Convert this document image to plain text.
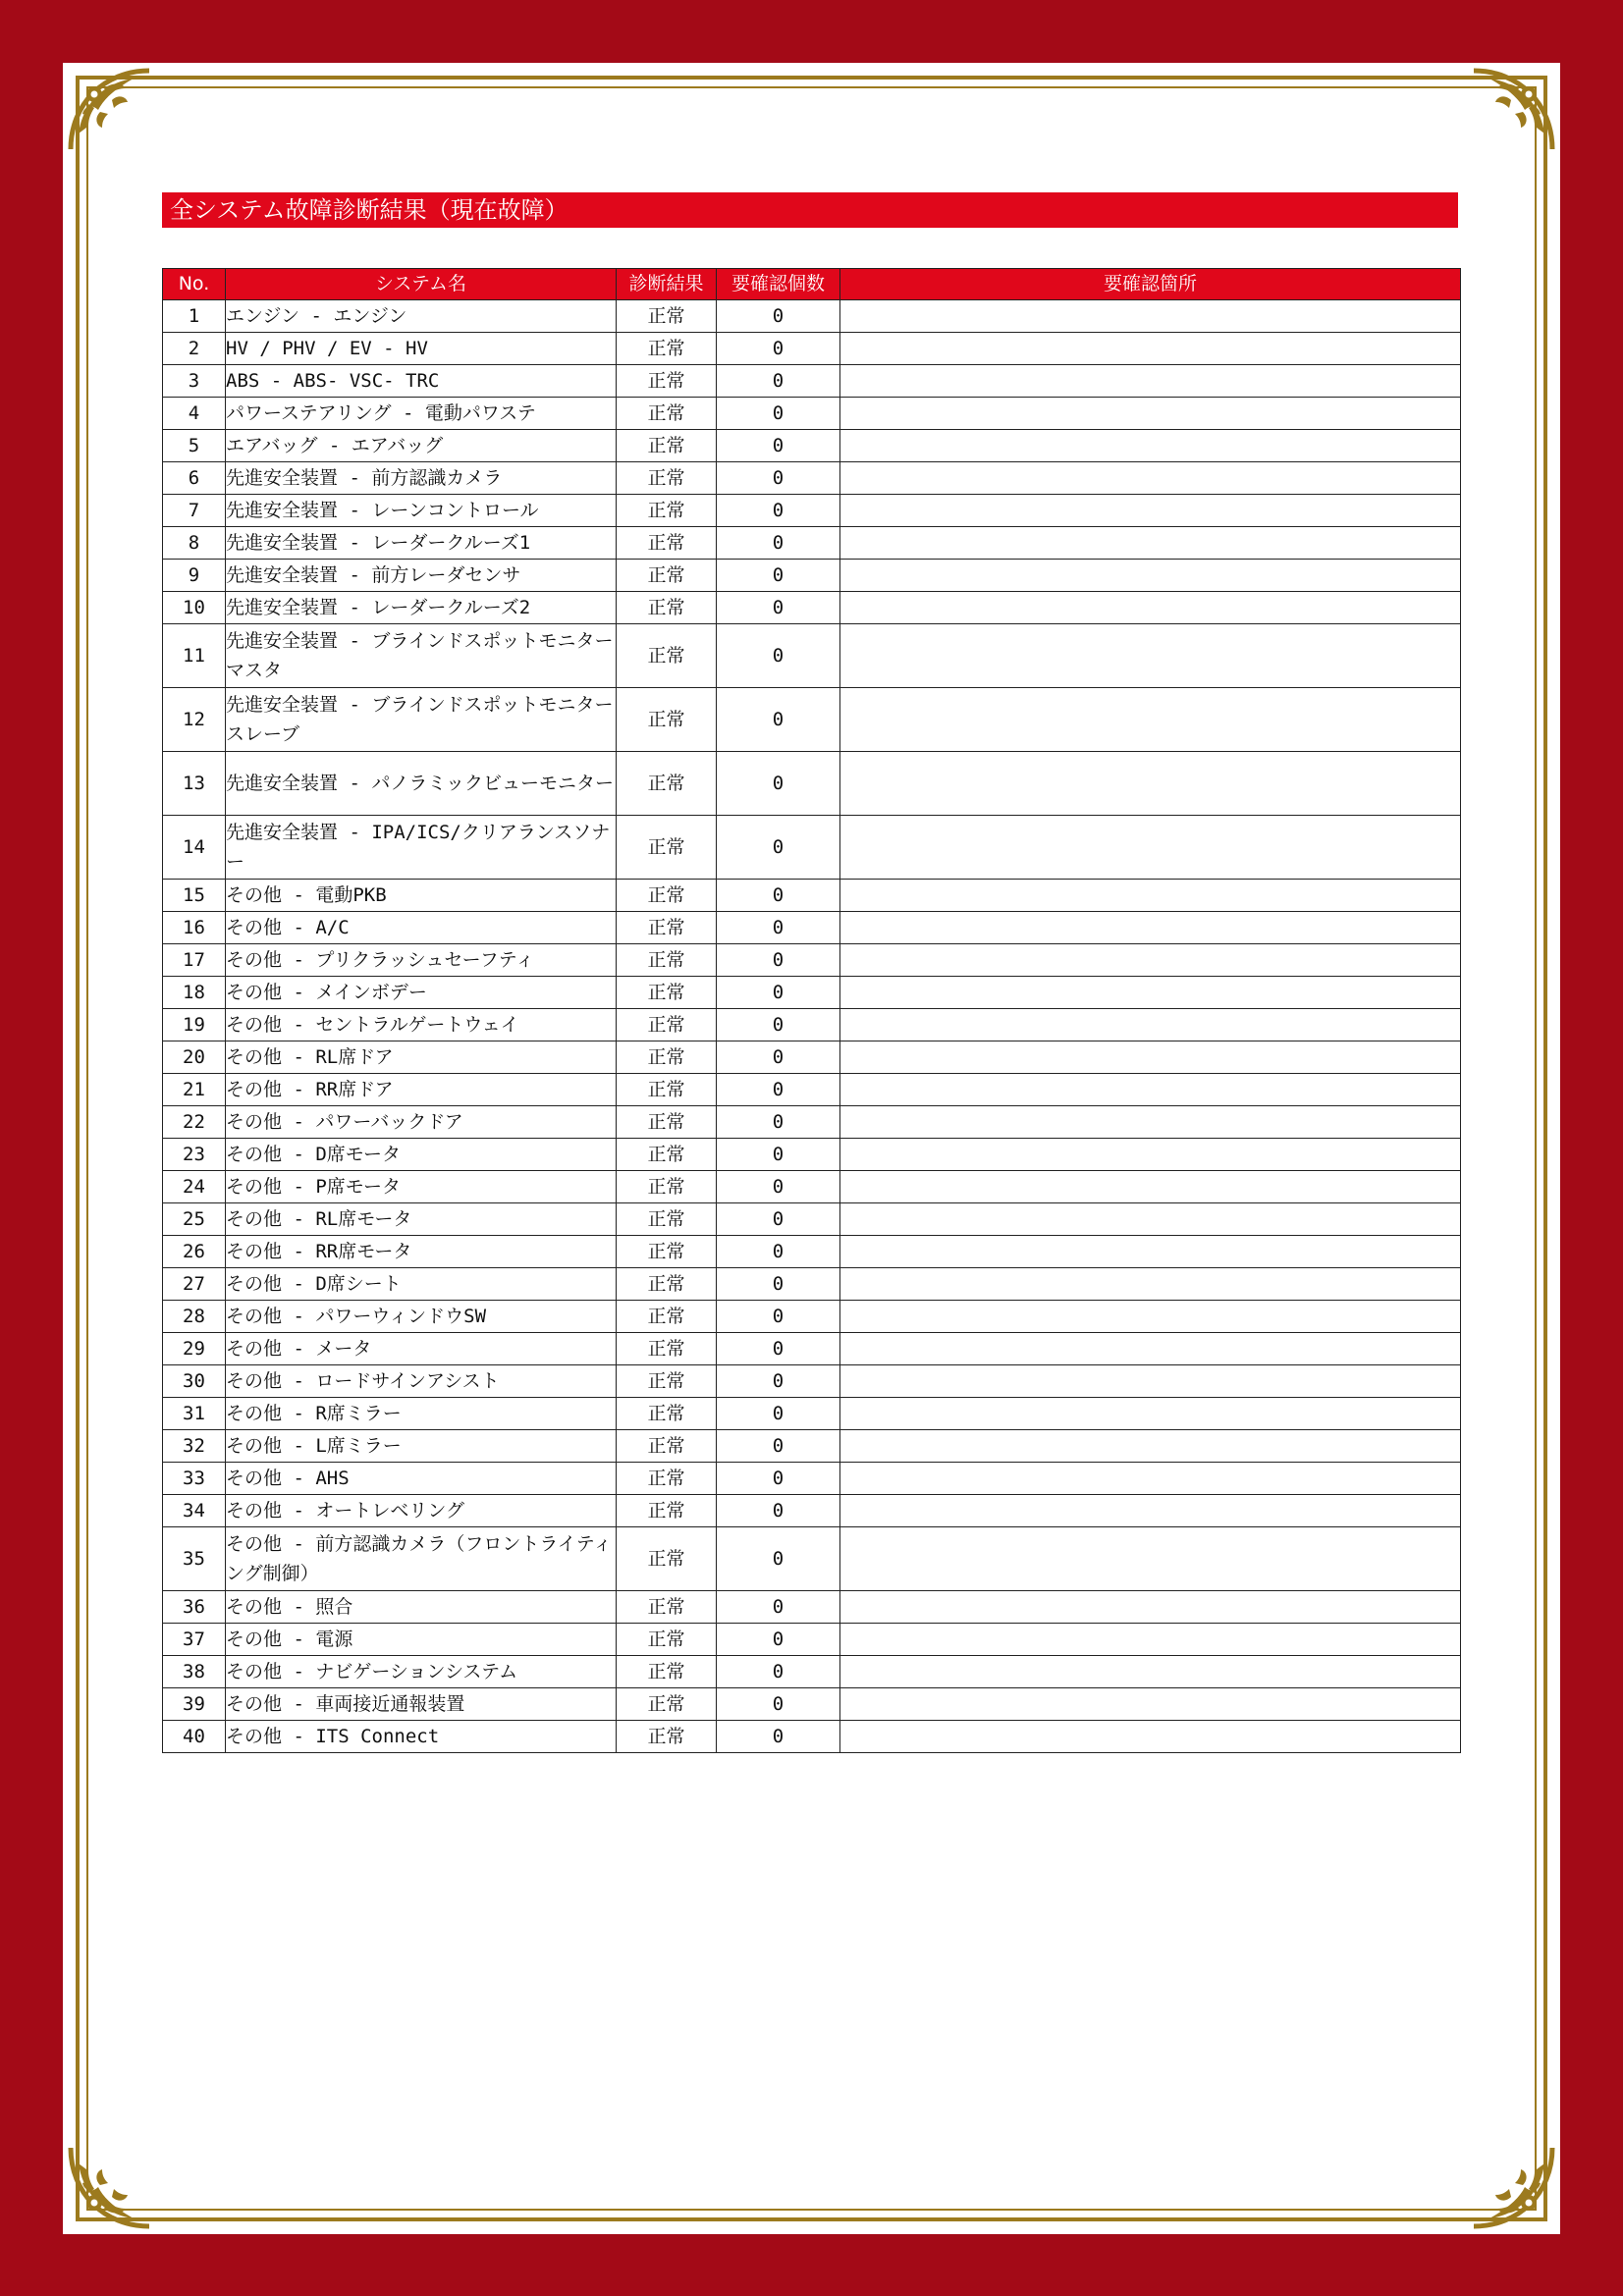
全システム故障診断結果（現在故障）
No.	システム名	診断結果	要確認個数	要確認箇所
1	エンジン - エンジン	正常	0	
2	HV / PHV / EV - HV	正常	0	
3	ABS - ABS- VSC- TRC	正常	0	
4	パワーステアリング - 電動パワステ	正常	0	
5	エアバッグ - エアバッグ	正常	0	
6	先進安全装置 - 前方認識カメラ	正常	0	
7	先進安全装置 - レーンコントロール	正常	0	
8	先進安全装置 - レーダークルーズ1	正常	0	
9	先進安全装置 - 前方レーダセンサ	正常	0	
10	先進安全装置 - レーダークルーズ2	正常	0	
11	先進安全装置 - ブラインドスポットモニター マスタ	正常	0	
12	先進安全装置 - ブラインドスポットモニター スレーブ	正常	0	
13	先進安全装置 - パノラミックビューモニター	正常	0	
14	先進安全装置 - IPA/ICS/クリアランスソナー	正常	0	
15	その他 - 電動PKB	正常	0	
16	その他 - A/C	正常	0	
17	その他 - プリクラッシュセーフティ	正常	0	
18	その他 - メインボデー	正常	0	
19	その他 - セントラルゲートウェイ	正常	0	
20	その他 - RL席ドア	正常	0	
21	その他 - RR席ドア	正常	0	
22	その他 - パワーバックドア	正常	0	
23	その他 - D席モータ	正常	0	
24	その他 - P席モータ	正常	0	
25	その他 - RL席モータ	正常	0	
26	その他 - RR席モータ	正常	0	
27	その他 - D席シート	正常	0	
28	その他 - パワーウィンドウSW	正常	0	
29	その他 - メータ	正常	0	
30	その他 - ロードサインアシスト	正常	0	
31	その他 - R席ミラー	正常	0	
32	その他 - L席ミラー	正常	0	
33	その他 - AHS	正常	0	
34	その他 - オートレベリング	正常	0	
35	その他 - 前方認識カメラ（フロントライティング制御）	正常	0	
36	その他 - 照合	正常	0	
37	その他 - 電源	正常	0	
38	その他 - ナビゲーションシステム	正常	0	
39	その他 - 車両接近通報装置	正常	0	
40	その他 - ITS Connect	正常	0	
